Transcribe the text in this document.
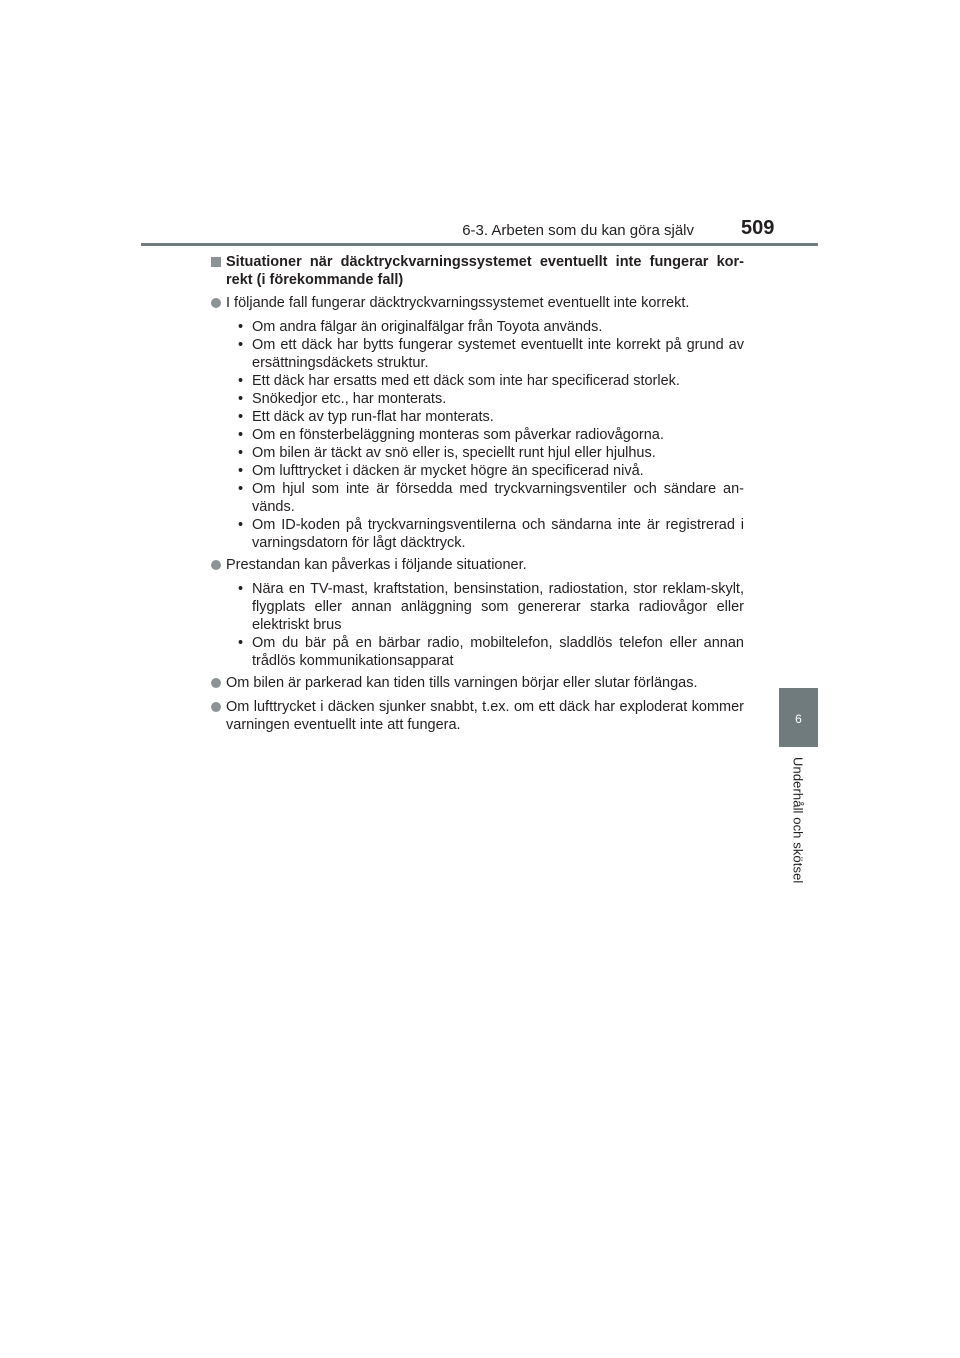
6-3. Arbeten som du kan göra själv 509
6
Underhåll och skötsel
Situationer när däcktryckvarningssystemet eventuellt inte fungerar kor-rekt (i förekommande fall)
I följande fall fungerar däcktryckvarningssystemet eventuellt inte korrekt.
• Om andra fälgar än originalfälgar från Toyota används.
• Om ett däck har bytts fungerar systemet eventuellt inte korrekt på grund av ersättningsdäckets struktur.
• Ett däck har ersatts med ett däck som inte har specificerad storlek.
• Snökedjor etc., har monterats.
• Ett däck av typ run-flat har monterats.
• Om en fönsterbeläggning monteras som påverkar radiovågorna.
• Om bilen är täckt av snö eller is, speciellt runt hjul eller hjulhus.
• Om lufttrycket i däcken är mycket högre än specificerad nivå.
• Om hjul som inte är försedda med tryckvarningsventiler och sändare an-vänds.
• Om ID-koden på tryckvarningsventilerna och sändarna inte är registrerad i varningsdatorn för lågt däcktryck.
Prestandan kan påverkas i följande situationer.
• Nära en TV-mast, kraftstation, bensinstation, radiostation, stor reklam-skylt, flygplats eller annan anläggning som genererar starka radiovågor eller elektriskt brus
• Om du bär på en bärbar radio, mobiltelefon, sladdlös telefon eller annan trådlös kommunikationsapparat
Om bilen är parkerad kan tiden tills varningen börjar eller slutar förlängas.
Om lufttrycket i däcken sjunker snabbt, t.ex. om ett däck har exploderat kommer varningen eventuellt inte att fungera.
